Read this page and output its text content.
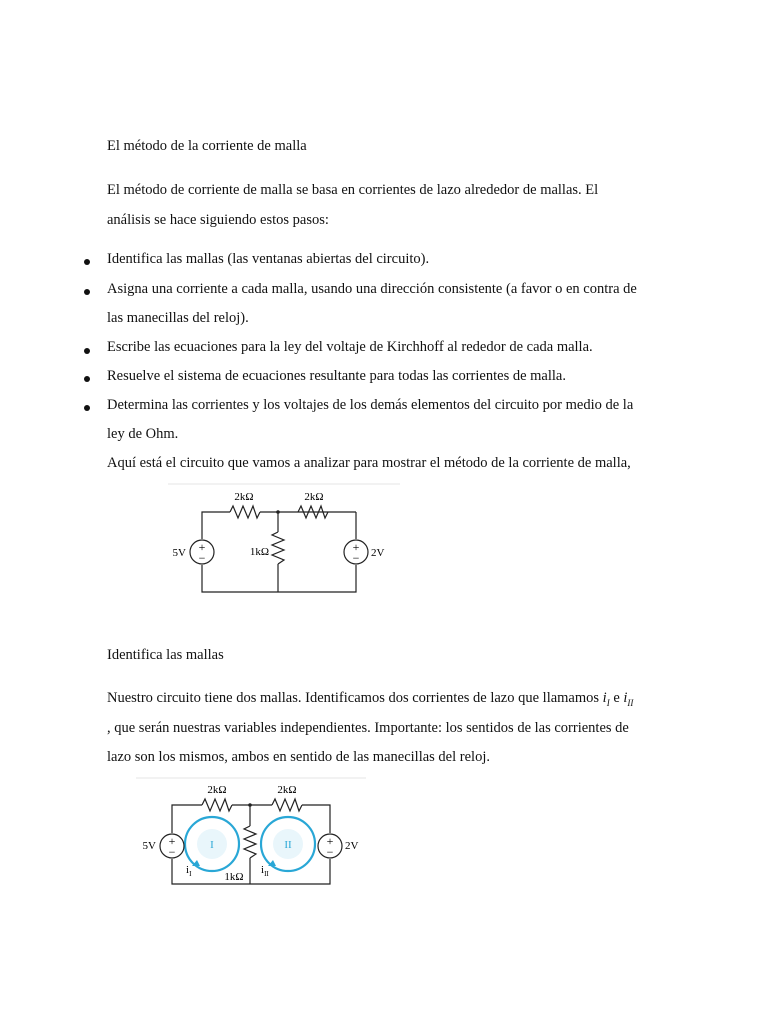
El método de la corriente de malla

El método de corriente de malla se basa en corrientes de lazo alrededor de mallas. El

análisis se hace siguiendo estos pasos:

Identifica las mallas (las ventanas abiertas del circuito).

Asigna una corriente a cada malla, usando una dirección consistente (a favor o en contra de

las manecillas del reloj).

Escribe las ecuaciones para la ley del voltaje de Kirchhoff al rededor de cada malla.

Resuelve el sistema de ecuaciones resultante para todas las corrientes de malla.

Determina las corrientes y los voltajes de los demás elementos del circuito por medio de la

ley de Ohm.

Aquí está el circuito que vamos a analizar para mostrar el método de la corriente de malla,

+
−
+
−
2kΩ	2kΩ
1kΩ
5V	2V

Identifica las mallas

Nuestro circuito tiene dos mallas. Identificamos dos corrientes de lazo que llamamos $i_I$ e $i_{II}$

, que serán nuestras variables independientes. Importante: los sentidos de las corrientes de

lazo son los mismos, ambos en sentido de las manecillas del reloj.

I	II
+
−
+
−
2kΩ	2kΩ
1kΩ
5V	2V
$i_I$	$i_{II}$
